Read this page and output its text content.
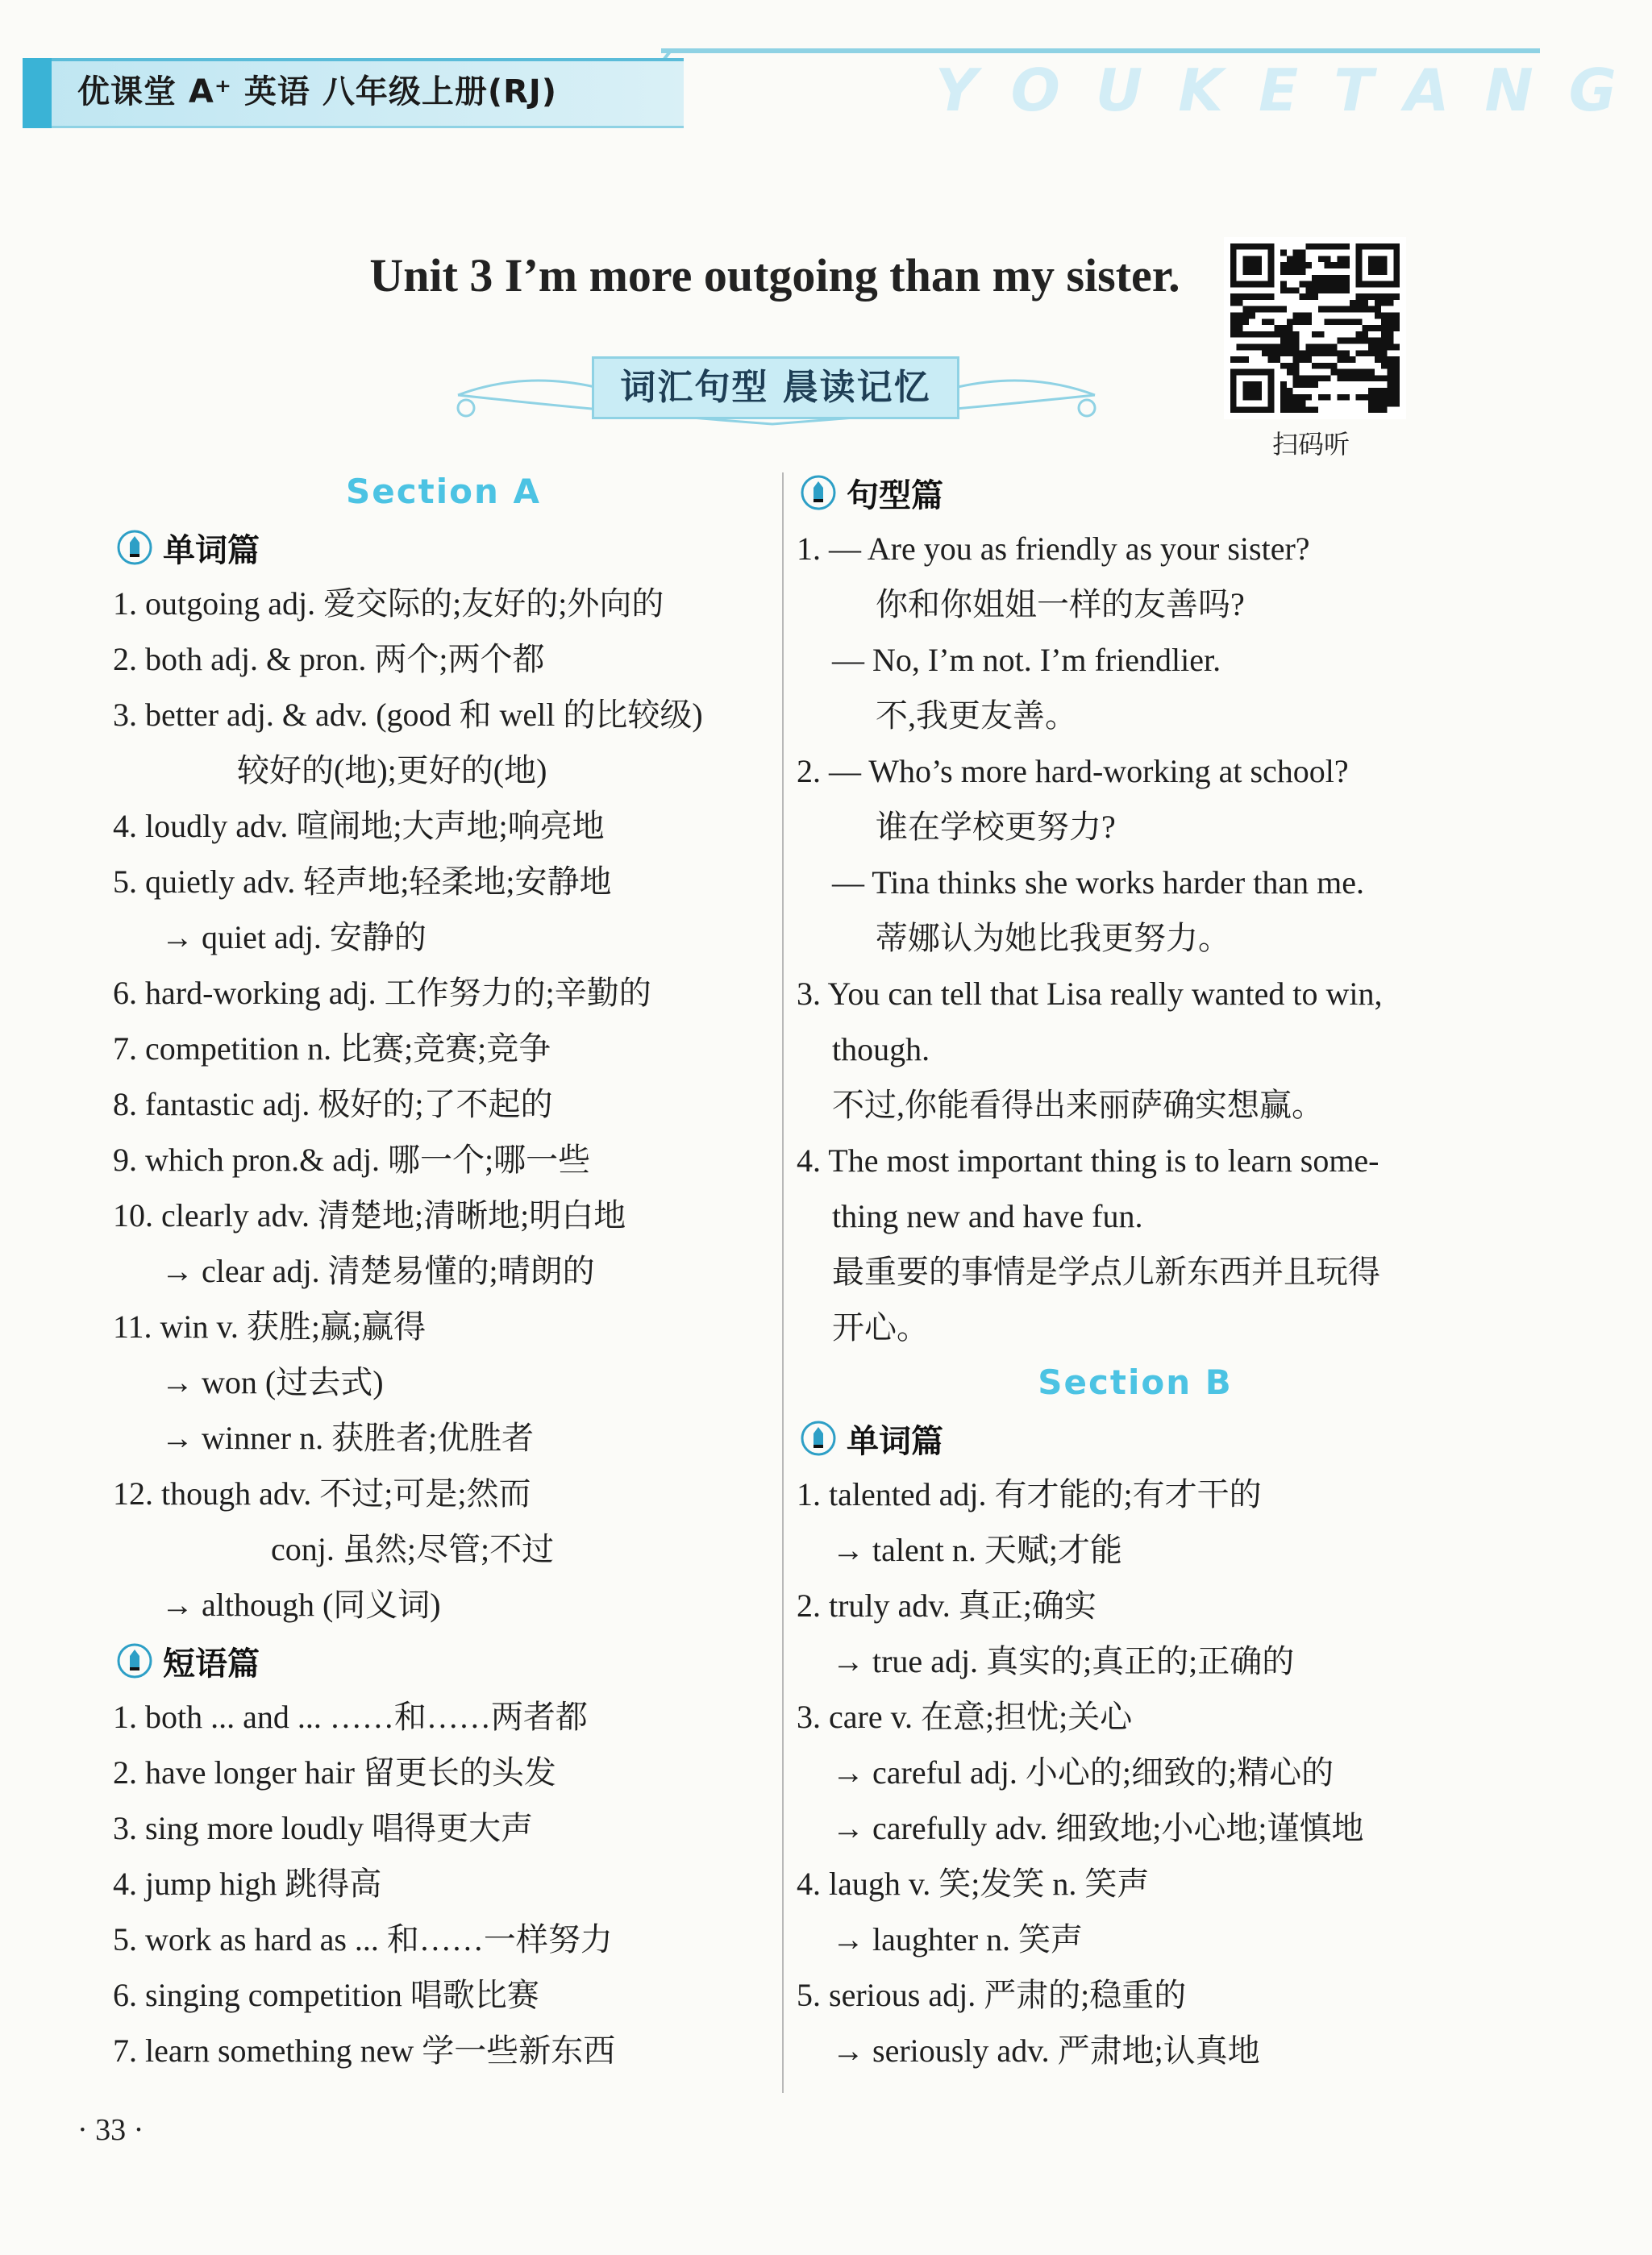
优课堂 A⁺ 英语 八年级上册(RJ)	YOUKETANG
Unit 3 I’m more outgoing than my sister.
扫码听
词汇句型 晨读记忆
Section A
单词篇
1. outgoing adj. 爱交际的;友好的;外向的
2. both adj. & pron. 两个;两个都
3. better adj. & adv. (good 和 well 的比较级)
较好的(地);更好的(地)
4. loudly adv. 喧闹地;大声地;响亮地
5. quietly adv. 轻声地;轻柔地;安静地
→ quiet adj. 安静的
6. hard-working adj. 工作努力的;辛勤的
7. competition n. 比赛;竞赛;竞争
8. fantastic adj. 极好的;了不起的
9. which pron.& adj. 哪一个;哪一些
10. clearly adv. 清楚地;清晰地;明白地
→ clear adj. 清楚易懂的;晴朗的
11. win v. 获胜;赢;赢得
→ won (过去式)
→ winner n. 获胜者;优胜者
12. though adv. 不过;可是;然而
conj. 虽然;尽管;不过
→ although (同义词)
短语篇
1. both ... and ... ……和……两者都
2. have longer hair 留更长的头发
3. sing more loudly 唱得更大声
4. jump high 跳得高
5. work as hard as ... 和……一样努力
6. singing competition 唱歌比赛
7. learn something new 学一些新东西
句型篇
1. — Are you as friendly as your sister?
你和你姐姐一样的友善吗?
— No, I’m not. I’m friendlier.
不,我更友善。
2. — Who’s more hard-working at school?
谁在学校更努力?
— Tina thinks she works harder than me.
蒂娜认为她比我更努力。
3. You can tell that Lisa really wanted to win,
though.
不过,你能看得出来丽萨确实想赢。
4. The most important thing is to learn some-
thing new and have fun.
最重要的事情是学点儿新东西并且玩得
开心。
Section B
单词篇
1. talented adj. 有才能的;有才干的
→ talent n. 天赋;才能
2. truly adv. 真正;确实
→ true adj. 真实的;真正的;正确的
3. care v. 在意;担忧;关心
→ careful adj. 小心的;细致的;精心的
→ carefully adv. 细致地;小心地;谨慎地
4. laugh v. 笑;发笑 n. 笑声
→ laughter n. 笑声
5. serious adj. 严肃的;稳重的
→ seriously adv. 严肃地;认真地
· 33 ·
